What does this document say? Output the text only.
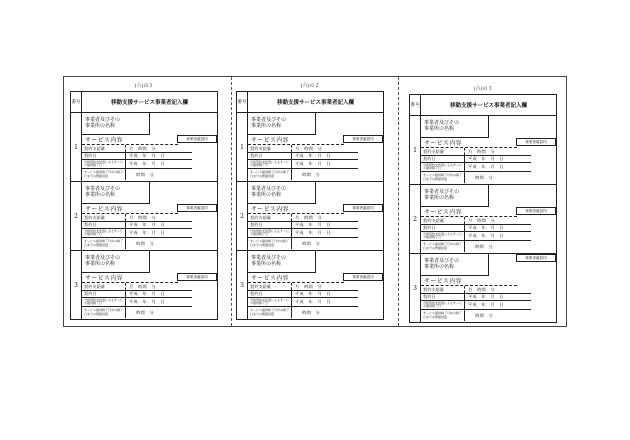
(六)の１
番号	移動支援サービス事業者記入欄
1
事業者及びその
事業所の名称
事業者確認印
サービス内容
契約支給量	月　時間　分
契約日	平成　年　月　日
当該契約支給量によるサービス提供終了日	平成　年　月　日
サービス提供終了月中の終了日までの既提供量	時間　分
2
事業者及びその
事業所の名称
事業者確認印
サービス内容
契約支給量	月　時間　分
契約日	平成　年　月　日
当該契約支給量によるサービス提供終了日	平成　年　月　日
サービス提供終了月中の終了日までの既提供量	時間　分
3
事業者及びその
事業所の名称
事業者確認印
サービス内容
契約支給量	月　時間　分
契約日	平成　年　月　日
当該契約支給量によるサービス提供終了日	平成　年　月　日
サービス提供終了月中の終了日までの既提供量	時間　分
(六)の２
番号	移動支援サービス事業者記入欄
1
事業者及びその
事業所の名称
事業者確認印
サービス内容
契約支給量	月　時間　分
契約日	平成　年　月　日
当該契約支給量によるサービス提供終了日	平成　年　月　日
サービス提供終了月中の終了日までの既提供量	時間　分
2
事業者及びその
事業所の名称
事業者確認印
サービス内容
契約支給量	月　時間　分
契約日	平成　年　月　日
当該契約支給量によるサービス提供終了日	平成　年　月　日
サービス提供終了月中の終了日までの既提供量	時間　分
3
事業者及びその
事業所の名称
事業者確認印
サービス内容
契約支給量	月　時間　分
契約日	平成　年　月　日
当該契約支給量によるサービス提供終了日	平成　年　月　日
サービス提供終了月中の終了日までの既提供量	時間　分
(六)の３
番号	移動支援サービス事業者記入欄
1
事業者及びその
事業所の名称
事業者確認印
サービス内容
契約支給量	月　時間　分
契約日	平成　年　月　日
当該契約支給量によるサービス提供終了日	平成　年　月　日
サービス提供終了月中の終了日までの既提供量	時間　分
2
事業者及びその
事業所の名称
事業者確認印
サービス内容
契約支給量	月　時間　分
契約日	平成　年　月　日
当該契約支給量によるサービス提供終了日	平成　年　月　日
サービス提供終了月中の終了日までの既提供量	時間　分
3
事業者及びその
事業所の名称
事業者確認印
サービス内容
契約支給量	月　時間　分
契約日	平成　年　月　日
当該契約支給量によるサービス提供終了日	平成　年　月　日
サービス提供終了月中の終了日までの既提供量	時間　分
